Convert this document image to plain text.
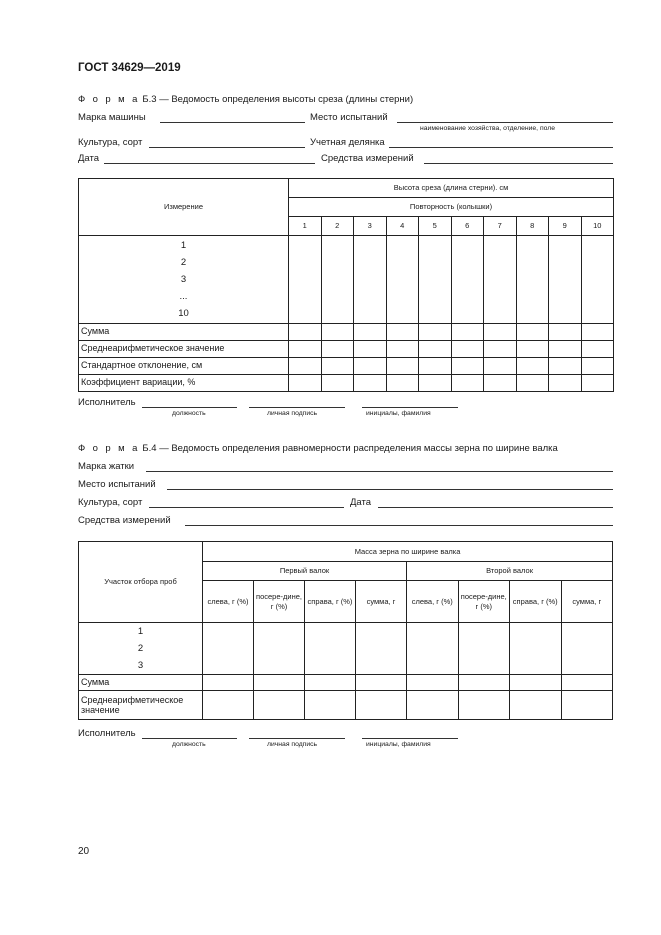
ГОСТ 34629—2019
Ф о р м а Б.3 — Ведомость определения высоты среза (длины стерни)
Марка машины	Место испытаний
наименование хозяйства, отделение, поле
Культура, сорт	Учетная делянка
Дата	Средства измерений
Измерение	Высота среза (длина стерни). см									
	Повторность (колышки)									
	1	2	3	4	5	6	7	8	9	10

1
2
3
...
10										

Сумма										
Среднеарифметическое значение										
Стандартное отклонение, см										
Коэффициент вариации, %										
Исполнитель
должность	личная подпись	инициалы, фамилия
Ф о р м а Б.4 — Ведомость определения равномерности распределения массы зерна по ширине валка
Марка жатки
Место испытаний
Культура, сорт	Дата
Средства измерений
Участок отбора проб	Масса зерна по ширине валка							
	Первый валок				Второй валок			
	слева, г (%)	посере-дине, г (%)	справа, г (%)	сумма, г	слева, г (%)	посере-дине, г (%)	справа, г (%)	сумма, г

1
2
3								

Сумма								
Среднеарифметическое значение								
Исполнитель
должность	личная подпись	инициалы, фамилия
20
